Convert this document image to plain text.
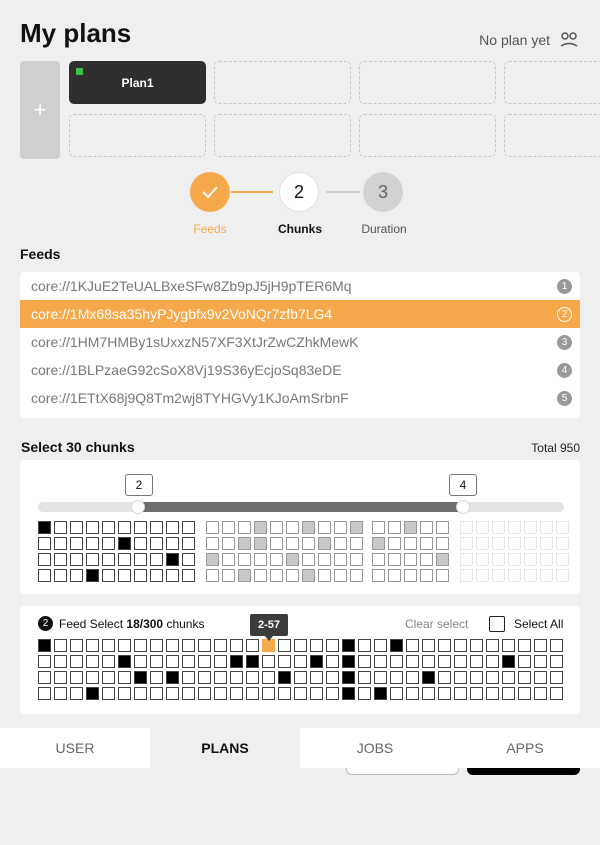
My plans	No plan yet
+
Plan1
2	3
Feeds	Chunks	Duration
Feeds
core://1KJuE2TeUALBxeSFw8Zb9pJ5jH9pTER6Mq	1
core://1Mx68sa35hyPJygbfx9v2VoNQr7zfb7LG4	2
core://1HM7HMBy1sUxxzN57XF3XtJrZwCZhkMewK	3
core://1BLPzaeG92cSoX8Vj19S36yEcjoSq83eDE	4
core://1ETtX68j9Q8Tm2wj8TYHGVy1KJoAmSrbnF	5
Select 30 chunks	Total 950
2	4
2 Feed Select 18/300 chunks	Clear select	Select All
2-57
USER	PLANS	JOBS	APPS
